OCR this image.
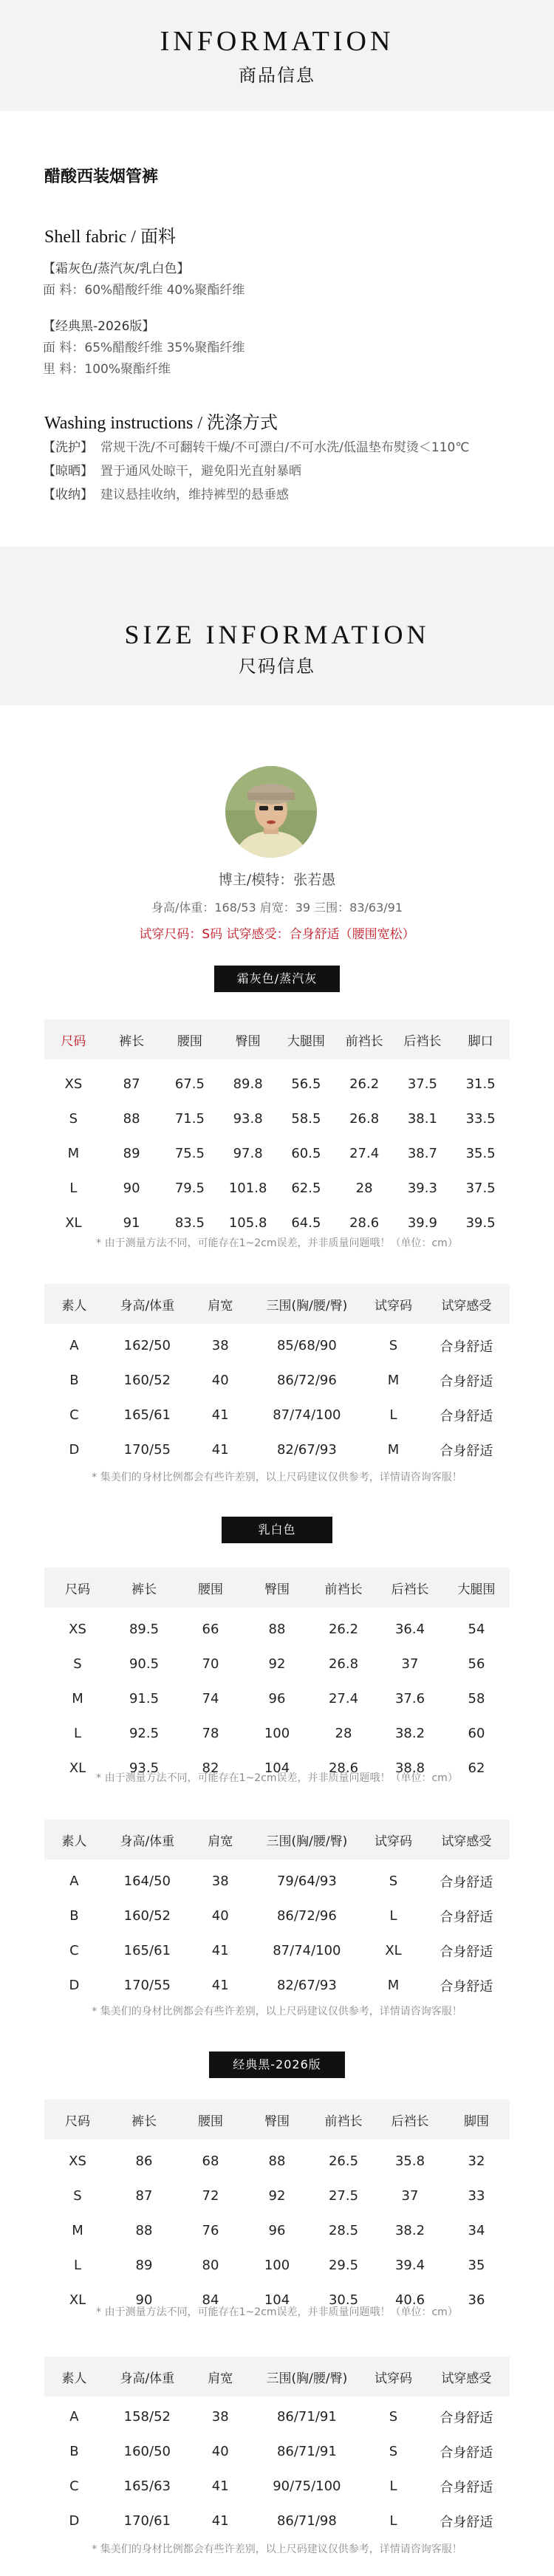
INFORMATION
商品信息
醋酸西装烟管裤
Shell fabric / 面料
【霜灰色/蒸汽灰/乳白色】
面 料：60%醋酸纤维 40%聚酯纤维
【经典黑-2026版】
面 料：65%醋酸纤维 35%聚酯纤维
里 料：100%聚酯纤维
Washing instructions / 洗涤方式
【洗护】 常规干洗/不可翻转干燥/不可漂白/不可水洗/低温垫布熨烫＜110℃
【晾晒】 置于通风处晾干，避免阳光直射暴晒
【收纳】 建议悬挂收纳，维持裤型的悬垂感
SIZE INFORMATION
尺码信息
博主/模特：张若愚
身高/体重：168/53 肩宽：39 三围：83/63/91
试穿尺码：S码 试穿感受：合身舒适（腰围宽松）
霜灰色/蒸汽灰
尺码	裤长	腰围	臀围	大腿围	前裆长	后裆长	脚口
XS	87	67.5	89.8	56.5	26.2	37.5	31.5
S	88	71.5	93.8	58.5	26.8	38.1	33.5
M	89	75.5	97.8	60.5	27.4	38.7	35.5
L	90	79.5	101.8	62.5	28	39.3	37.5
XL	91	83.5	105.8	64.5	28.6	39.9	39.5
* 由于测量方法不同，可能存在1~2cm误差，并非质量问题哦！（单位：cm）
素人	身高/体重	肩宽	三围(胸/腰/臀)	试穿码	试穿感受
A	162/50	38	85/68/90	S	合身舒适
B	160/52	40	86/72/96	M	合身舒适
C	165/61	41	87/74/100	L	合身舒适
D	170/55	41	82/67/93	M	合身舒适
* 集美们的身材比例都会有些许差别，以上尺码建议仅供参考，详情请咨询客服！
乳白色
尺码	裤长	腰围	臀围	前裆长	后裆长	大腿围
XS	89.5	66	88	26.2	36.4	54
S	90.5	70	92	26.8	37	56
M	91.5	74	96	27.4	37.6	58
L	92.5	78	100	28	38.2	60
XL	93.5	82	104	28.6	38.8	62
* 由于测量方法不同，可能存在1~2cm误差，并非质量问题哦！（单位：cm）
素人	身高/体重	肩宽	三围(胸/腰/臀)	试穿码	试穿感受
A	164/50	38	79/64/93	S	合身舒适
B	160/52	40	86/72/96	L	合身舒适
C	165/61	41	87/74/100	XL	合身舒适
D	170/55	41	82/67/93	M	合身舒适
* 集美们的身材比例都会有些许差别，以上尺码建议仅供参考，详情请咨询客服！
经典黑-2026版
尺码	裤长	腰围	臀围	前裆长	后裆长	脚围
XS	86	68	88	26.5	35.8	32
S	87	72	92	27.5	37	33
M	88	76	96	28.5	38.2	34
L	89	80	100	29.5	39.4	35
XL	90	84	104	30.5	40.6	36
* 由于测量方法不同，可能存在1~2cm误差，并非质量问题哦！（单位：cm）
素人	身高/体重	肩宽	三围(胸/腰/臀)	试穿码	试穿感受
A	158/52	38	86/71/91	S	合身舒适
B	160/50	40	86/71/91	S	合身舒适
C	165/63	41	90/75/100	L	合身舒适
D	170/61	41	86/71/98	L	合身舒适
* 集美们的身材比例都会有些许差别，以上尺码建议仅供参考，详情请咨询客服！
